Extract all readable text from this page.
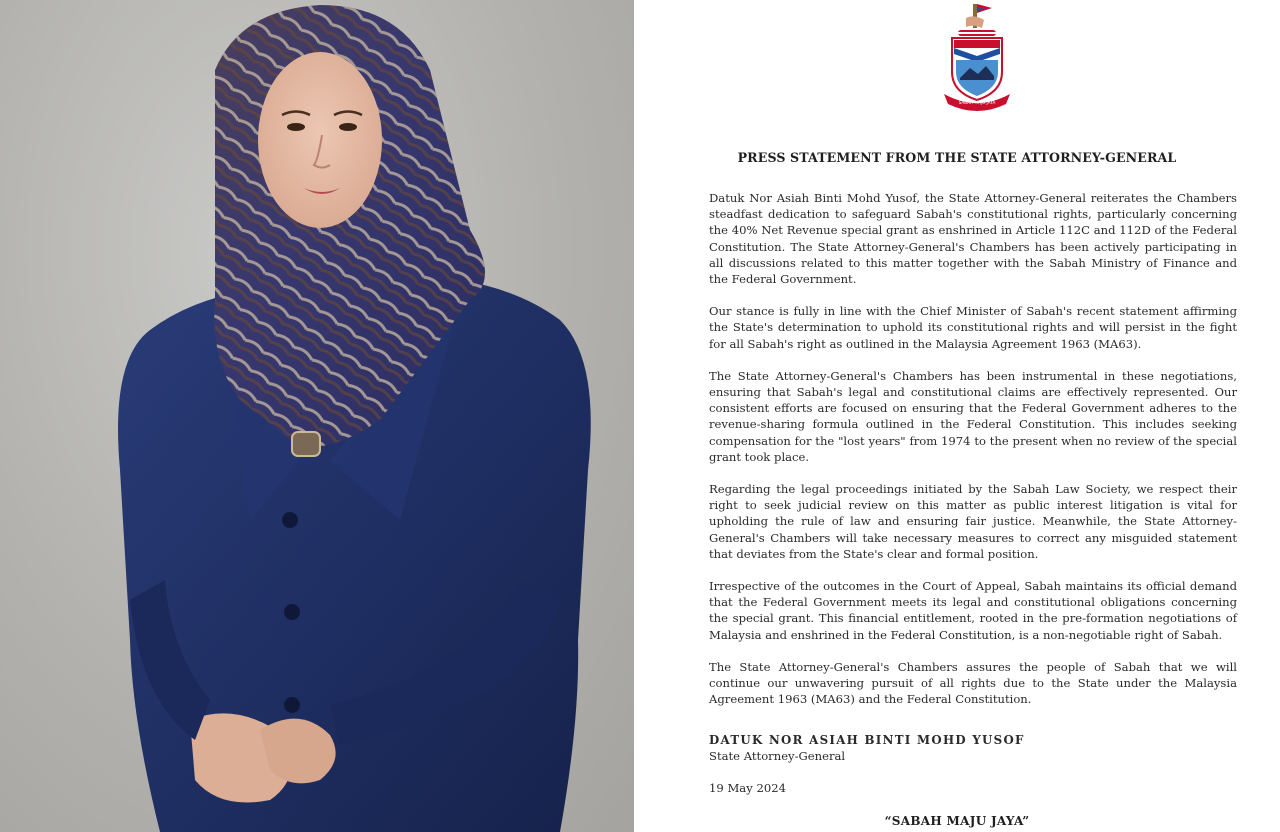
SABAH MAJU JAYA
PRESS STATEMENT FROM THE STATE ATTORNEY-GENERAL

Datuk Nor Asiah Binti Mohd Yusof, the State Attorney-General reiterates the Chambers steadfast dedication to safeguard Sabah's constitutional rights, particularly concerning the 40% Net Revenue special grant as enshrined in Article 112C and 112D of the Federal Constitution. The State Attorney-General's Chambers has been actively participating in all discussions related to this matter together with the Sabah Ministry of Finance and the Federal Government.

Our stance is fully in line with the Chief Minister of Sabah's recent statement affirming the State's determination to uphold its constitutional rights and will persist in the fight for all Sabah's right as outlined in the Malaysia Agreement 1963 (MA63).

The State Attorney-General's Chambers has been instrumental in these negotiations, ensuring that Sabah's legal and constitutional claims are effectively represented. Our consistent efforts are focused on ensuring that the Federal Government adheres to the revenue-sharing formula outlined in the Federal Constitution. This includes seeking compensation for the "lost years" from 1974 to the present when no review of the special grant took place.

Regarding the legal proceedings initiated by the Sabah Law Society, we respect their right to seek judicial review on this matter as public interest litigation is vital for upholding the rule of law and ensuring fair justice. Meanwhile, the State Attorney- General's Chambers will take necessary measures to correct any misguided statement that deviates from the State's clear and formal position.

Irrespective of the outcomes in the Court of Appeal, Sabah maintains its official demand that the Federal Government meets its legal and constitutional obligations concerning the special grant. This financial entitlement, rooted in the pre-formation negotiations of Malaysia and enshrined in the Federal Constitution, is a non-negotiable right of Sabah.

The State Attorney-General's Chambers assures the people of Sabah that we will continue our unwavering pursuit of all rights due to the State under the Malaysia Agreement 1963 (MA63) and the Federal Constitution.

DATUK NOR ASIAH BINTI MOHD YUSOF
State Attorney-General
19 May 2024
“SABAH MAJU JAYA”
